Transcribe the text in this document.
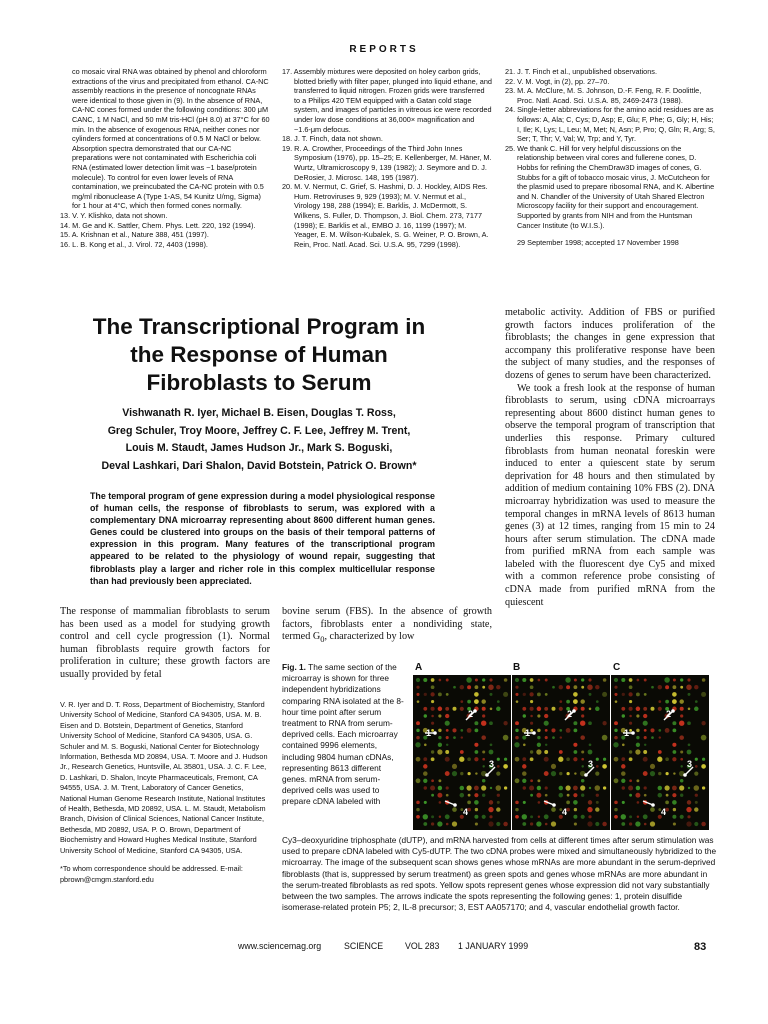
REPORTS

co mosaic viral RNA was obtained by phenol and chloroform extractions of the virus and precipitated from ethanol. CA-NC assembly reactions in the presence of noncognate RNAs were identical to those given in (9). In the absence of RNA, CA-NC cones formed under the following conditions: 300 μM CANC, 1 M NaCl, and 50 mM tris-HCl (pH 8.0) at 37°C for 60 min. In the absence of exogenous RNA, neither cones nor cylinders formed at concentrations of 0.5 M NaCl or below. Absorption spectra demonstrated that our CA-NC preparations were not contaminated with Escherichia coli RNA (estimated lower detection limit was ~1 base/protein molecule). To control for even lower levels of RNA contamination, we preincubated the CA-NC protein with 0.5 mg/ml ribonuclease A (Type 1-AS, 54 Kunitz U/mg, Sigma) for 1 hour at 4°C, which then formed cones normally.

13. V. Y. Klishko, data not shown.

14. M. Ge and K. Sattler, Chem. Phys. Lett. 220, 192 (1994).

15. A. Krishnan et al., Nature 388, 451 (1997).

16. L. B. Kong et al., J. Virol. 72, 4403 (1998).

17. Assembly mixtures were deposited on holey carbon grids, blotted briefly with filter paper, plunged into liquid ethane, and transferred to liquid nitrogen. Frozen grids were transferred to a Philips 420 TEM equipped with a Gatan cold stage system, and images of particles in vitreous ice were recorded under low dose conditions at 36,000× magnification and ~1.6-μm defocus.

18. J. T. Finch, data not shown.

19. R. A. Crowther, Proceedings of the Third John Innes Symposium (1976), pp. 15–25; E. Kellenberger, M. Häner, M. Wurtz, Ultramicroscopy 9, 139 (1982); J. Seymore and D. J. DeRosier, J. Microsc. 148, 195 (1987).

20. M. V. Nermut, C. Grief, S. Hashmi, D. J. Hockley, AIDS Res. Hum. Retroviruses 9, 929 (1993); M. V. Nermut et al., Virology 198, 288 (1994); E. Barklis, J. McDermott, S. Wilkens, S. Fuller, D. Thompson, J. Biol. Chem. 273, 7177 (1998); E. Barklis et al., EMBO J. 16, 1199 (1997); M. Yeager, E. M. Wilson-Kubalek, S. G. Weiner, P. O. Brown, A. Rein, Proc. Natl. Acad. Sci. U.S.A. 95, 7299 (1998).

21. J. T. Finch et al., unpublished observations.

22. V. M. Vogt, in (2), pp. 27–70.

23. M. A. McClure, M. S. Johnson, D.-F. Feng, R. F. Doolittle, Proc. Natl. Acad. Sci. U.S.A. 85, 2469-2473 (1988).

24. Single-letter abbreviations for the amino acid residues are as follows: A, Ala; C, Cys; D, Asp; E, Glu; F, Phe; G, Gly; H, His; I, Ile; K, Lys; L, Leu; M, Met; N, Asn; P, Pro; Q, Gln; R, Arg; S, Ser; T, Thr; V, Val; W, Trp; and Y, Tyr.

25. We thank C. Hill for very helpful discussions on the relationship between viral cores and fullerene cones, D. Hobbs for refining the ChemDraw3D images of cones, G. Stubbs for a gift of tobacco mosaic virus, J. McCutcheon for the plasmid used to prepare ribosomal RNA, and K. Albertine and N. Chandler of the University of Utah Shared Electron Microscopy facility for their support and encouragement. Supported by grants from NIH and from the Huntsman Cancer Institute (to W.I.S.).

29 September 1998; accepted 17 November 1998

The Transcriptional Program in
the Response of Human
Fibroblasts to Serum
Vishwanath R. Iyer, Michael B. Eisen, Douglas T. Ross,
Greg Schuler, Troy Moore, Jeffrey C. F. Lee, Jeffrey M. Trent,
Louis M. Staudt, James Hudson Jr., Mark S. Boguski,
Deval Lashkari, Dari Shalon, David Botstein, Patrick O. Brown*
The temporal program of gene expression during a model physiological response of human cells, the response of fibroblasts to serum, was explored with a complementary DNA microarray representing about 8600 different human genes. Genes could be clustered into groups on the basis of their temporal patterns of expression in this program. Many features of the transcriptional program appeared to be related to the physiology of wound repair, suggesting that fibroblasts play a larger and richer role in this complex multicellular response than had previously been appreciated.
The response of mammalian fibroblasts to serum has been used as a model for studying growth control and cell cycle progression (1). Normal human fibroblasts require growth factors for proliferation in culture; these growth factors are usually provided by fetal
bovine serum (FBS). In the absence of growth factors, fibroblasts enter a nondividing state, termed $G_0$, characterized by low

metabolic activity. Addition of FBS or purified growth factors induces proliferation of the fibroblasts; the changes in gene expression that accompany this proliferative response have been the subject of many studies, and the responses of dozens of genes to serum have been characterized.

We took a fresh look at the response of human fibroblasts to serum, using cDNA microarrays representing about 8600 distinct human genes to observe the temporal program of transcription that underlies this response. Primary cultured fibroblasts from human neonatal foreskin were induced to enter a quiescent state by serum deprivation for 48 hours and then stimulated by addition of medium containing 10% FBS (2). DNA microarray hybridization was used to measure the temporal changes in mRNA levels of 8613 human genes (3) at 12 times, ranging from 15 min to 24 hours after serum stimulation. The cDNA made from purified mRNA from each sample was labeled with the fluorescent dye Cy5 and mixed with a common reference probe consisting of cDNA made from purified mRNA from the quiescent

V. R. Iyer and D. T. Ross, Department of Biochemistry, Stanford University School of Medicine, Stanford CA 94305, USA. M. B. Eisen and D. Botstein, Department of Genetics, Stanford University School of Medicine, Stanford CA 94305, USA. G. Schuler and M. S. Boguski, National Center for Biotechnology Information, Bethesda MD 20894, USA. T. Moore and J. Hudson Jr., Research Genetics, Huntsville, AL 35801, USA. J. C. F. Lee, D. Lashkari, D. Shalon, Incyte Pharmaceuticals, Fremont, CA 94555, USA. J. M. Trent, Laboratory of Cancer Genetics, National Human Genome Research Institute, National Institutes of Health, Bethesda, MD 20892, USA. L. M. Staudt, Metabolism Branch, Division of Clinical Sciences, National Cancer Institute, Bethesda, MD 20892, USA. P. O. Brown, Department of Biochemistry and Howard Hughes Medical Institute, Stanford University School of Medicine, Stanford CA 94305, USA.

*To whom correspondence should be addressed. E-mail: pbrown@cmgm.stanford.edu

Fig. 1. The same section of the microarray is shown for three independent hybridizations comparing RNA isolated at the 8-hour time point after serum treatment to RNA from serum-deprived cells. Each microarray contained 9996 elements, including 9804 human cDNAs, representing 8613 different genes. mRNA from serum-deprived cells was used to prepare cDNA labeled with
Cy3–deoxyuridine triphosphate (dUTP), and mRNA harvested from cells at different times after serum stimulation was used to prepare cDNA labeled with Cy5-dUTP. The two cDNA probes were mixed and simultaneously hybridized to the microarray. The image of the subsequent scan shows genes whose mRNAs are more abundant in the serum-deprived fibroblasts (that is, suppressed by serum treatment) as green spots and genes whose mRNAs are more abundant in the serum-treated fibroblasts as red spots. Yellow spots represent genes whose expression did not vary substantially between the two samples. The arrows indicate the spots representing the following genes: 1, protein disulfide isomerase-related protein P5; 2, IL-8 precursor; 3, EST AA057170; and 4, vascular endothelial growth factor.
A	B	C
1
2
3
4
1
2
3
4
1
2
3
4
www.sciencemag.org	SCIENCE VOL 283 1 JANUARY 1999	83
